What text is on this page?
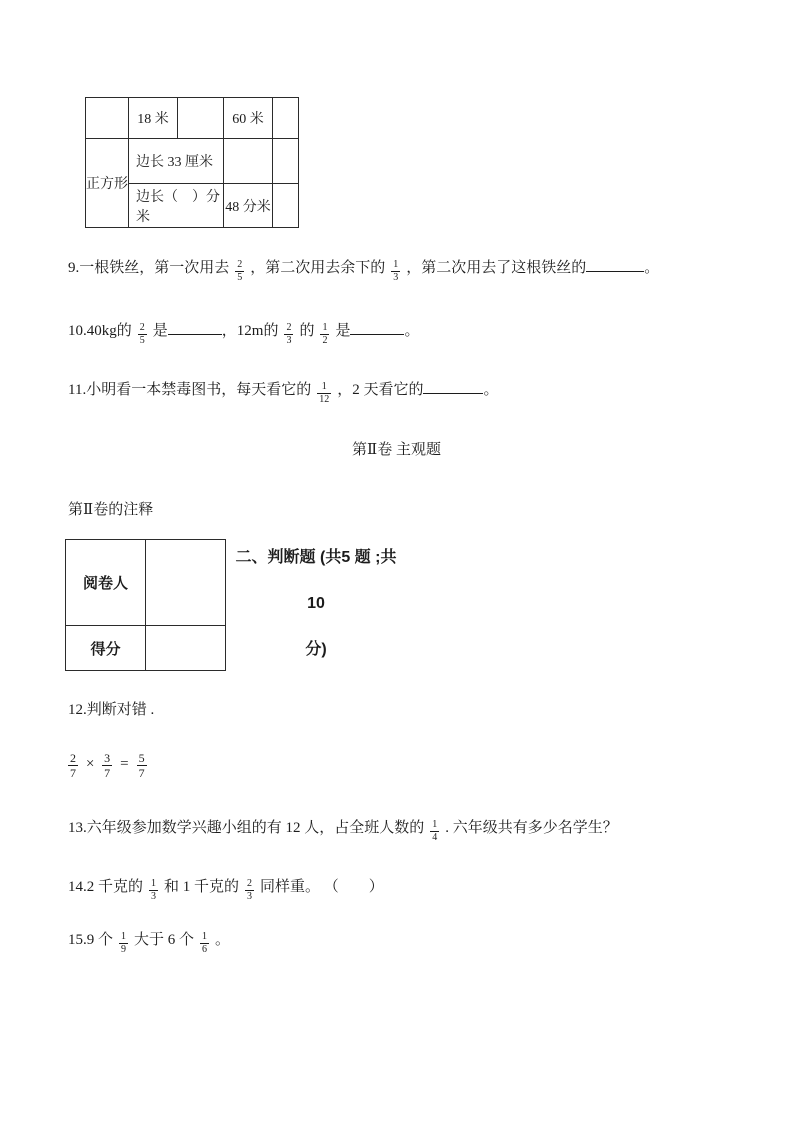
	18 米		60 米	
正方形	边长 33 厘米			
	边长（　）分米		48 分米	
9.一根铁丝，第一次用去 $\frac{2}{5}$ ，第二次用去余下的 $\frac{1}{3}$ ，第二次用去了这根铁丝的	。
10.40kg的 $\frac{2}{5}$ 是	，12m的 $\frac{2}{3}$ 的 $\frac{1}{2}$ 是	。
11.小明看一本禁毒图书，每天看它的 $\frac{1}{12}$ ，2 天看它的	。
第Ⅱ卷 主观题
第Ⅱ卷的注释
阅卷人	
得分	
二、判断题 (共5 题 ;共10
分)
12.判断对错 .
$\frac{2}{7} \times \frac{3}{7} = \frac{5}{7}$
13.六年级参加数学兴趣小组的有 12 人，占全班人数的 $\frac{1}{4}$ . 六年级共有多少名学生？
14.2 千克的 $\frac{1}{3}$ 和 1 千克的 $\frac{2}{3}$ 同样重。 （　　）
15.9 个 $\frac{1}{9}$ 大于 6 个 $\frac{1}{6}$ 。
